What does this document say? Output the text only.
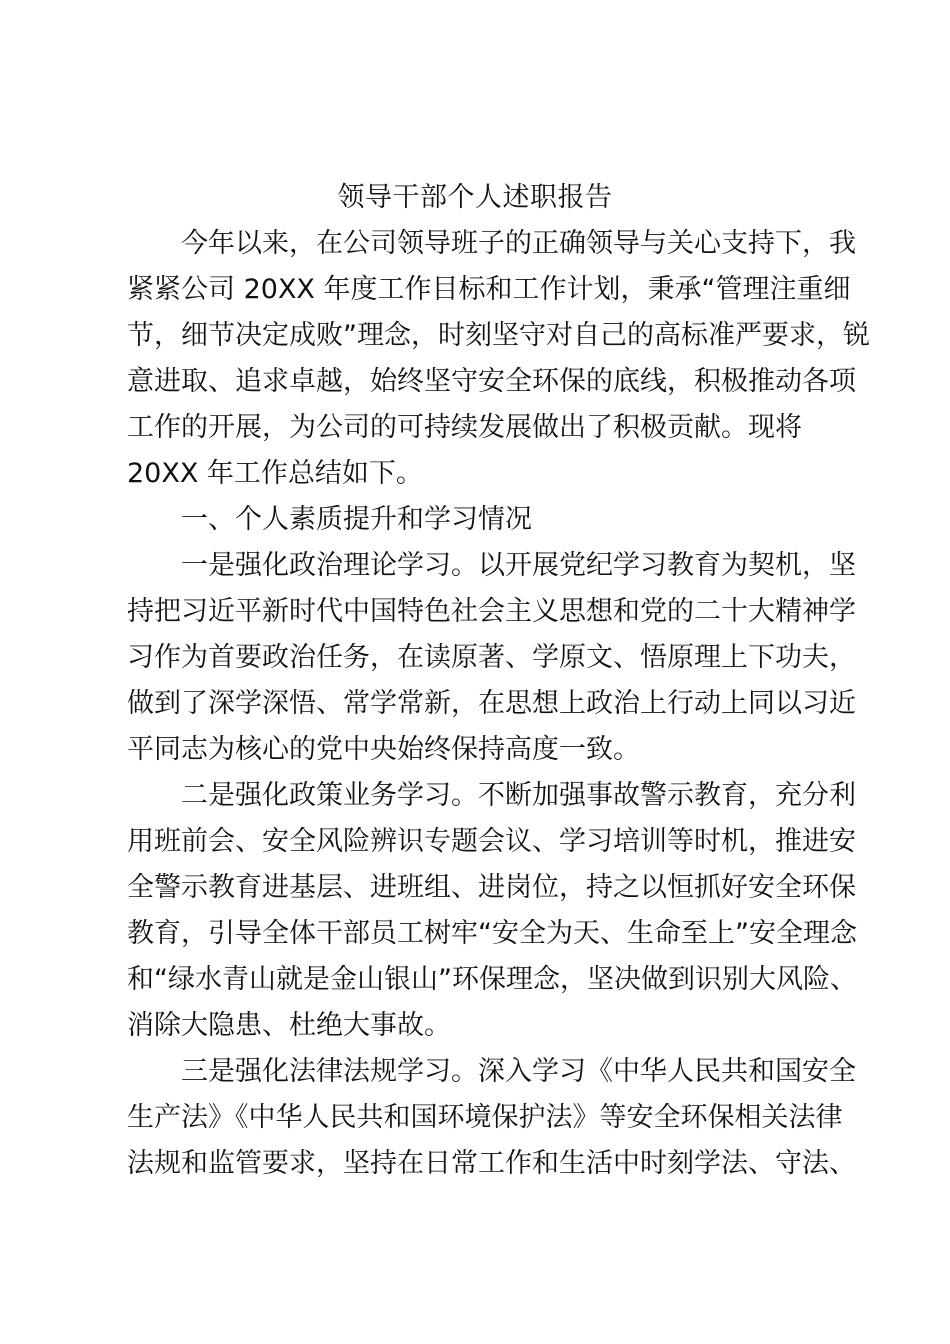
领导干部个人述职报告
今年以来，在公司领导班子的正确领导与关心支持下，我
紧紧公司 20XX 年度工作目标和工作计划，秉承“管理注重细
节，细节决定成败”理念，时刻坚守对自己的高标准严要求，锐
意进取、追求卓越，始终坚守安全环保的底线，积极推动各项
工作的开展，为公司的可持续发展做出了积极贡献。现将
20XX 年工作总结如下。
一、个人素质提升和学习情况
一是强化政治理论学习。以开展党纪学习教育为契机，坚
持把习近平新时代中国特色社会主义思想和党的二十大精神学
习作为首要政治任务，在读原著、学原文、悟原理上下功夫，
做到了深学深悟、常学常新，在思想上政治上行动上同以习近
平同志为核心的党中央始终保持高度一致。
二是强化政策业务学习。不断加强事故警示教育，充分利
用班前会、安全风险辨识专题会议、学习培训等时机，推进安
全警示教育进基层、进班组、进岗位，持之以恒抓好安全环保
教育，引导全体干部员工树牢“安全为天、生命至上”安全理念
和“绿水青山就是金山银山”环保理念，坚决做到识别大风险、
消除大隐患、杜绝大事故。
三是强化法律法规学习。深入学习《中华人民共和国安全
生产法》《中华人民共和国环境保护法》等安全环保相关法律
法规和监管要求，坚持在日常工作和生活中时刻学法、守法、
